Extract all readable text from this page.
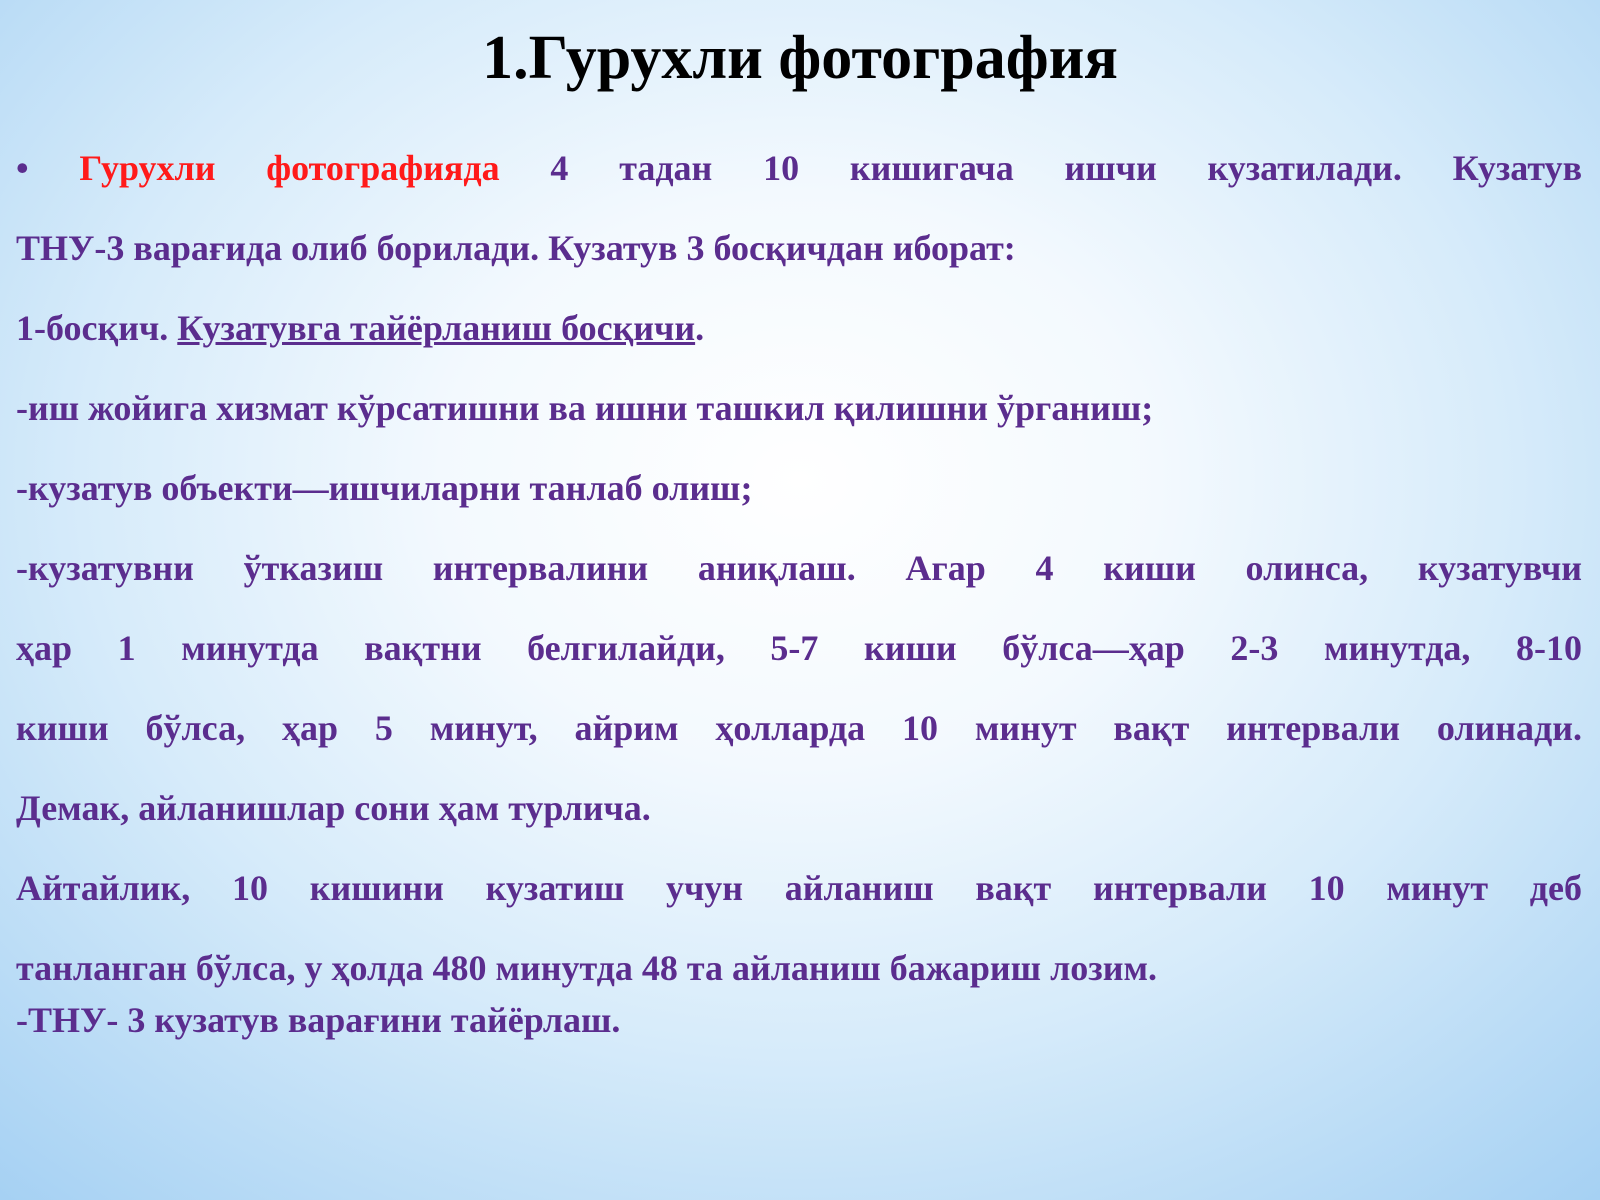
1.Гурухли фотография
• Гурухли фотографияда 4 тадан 10 кишигача ишчи кузатилади. Кузатув
ТНУ-3 варағида олиб борилади. Кузатув 3 босқичдан иборат:
1-босқич. Кузатувга тайёрланиш босқичи.
-иш жойига хизмат кўрсатишни ва ишни ташкил қилишни ўрганиш;
-кузатув объекти—ишчиларни танлаб олиш;
-кузатувни ўтказиш интервалини аниқлаш. Агар 4 киши олинса, кузатувчи
ҳар 1 минутда вақтни белгилайди, 5-7 киши бўлса—ҳар 2-3 минутда, 8-10
киши бўлса, ҳар 5 минут, айрим ҳолларда 10 минут вақт интервали олинади.
Демак, айланишлар сони ҳам турлича.
Айтайлик, 10 кишини кузатиш учун айланиш вақт интервали 10 минут деб
танланган бўлса, у ҳолда 480 минутда 48 та айланиш бажариш лозим.
-ТНУ- 3 кузатув варағини тайёрлаш.
